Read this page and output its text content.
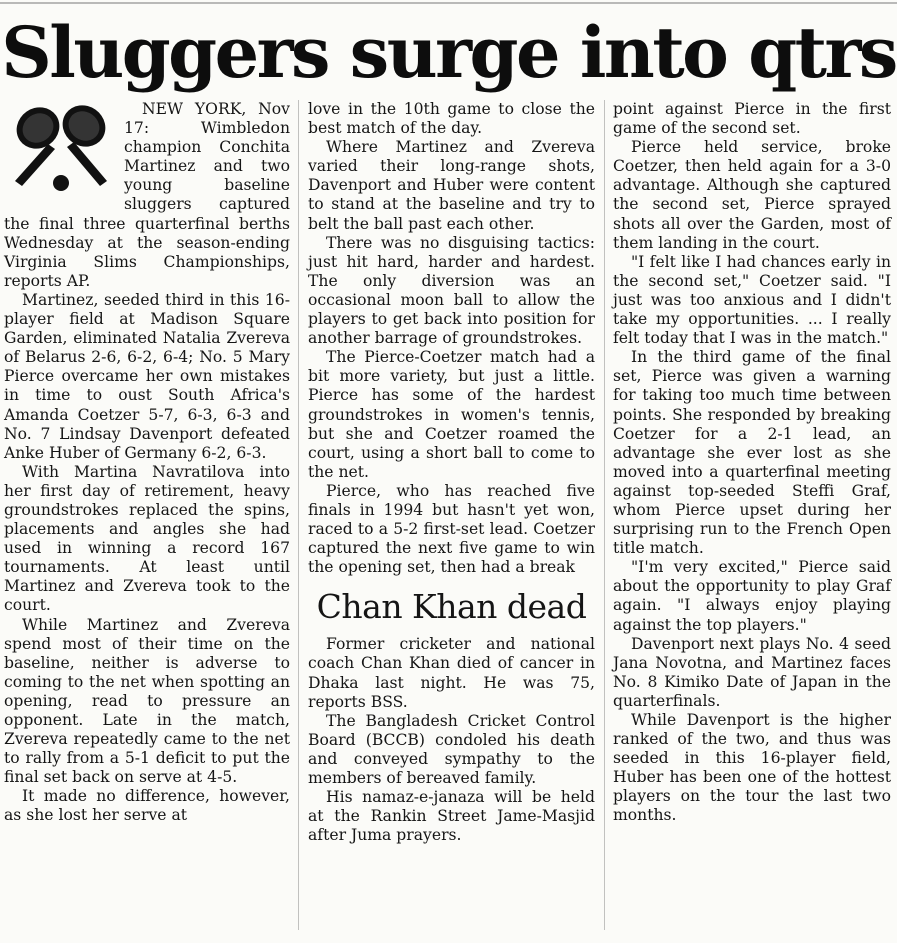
Sluggers surge into qtrs

NEW YORK, Nov 17: Wimbledon champion Conchita Martinez and two young baseline sluggers captured the final three quarterfinal berths Wednesday at the season-ending Virginia Slims Championships, reports AP.

Martinez, seeded third in this 16-player field at Madison Square Garden, eliminated Natalia Zvereva of Belarus 2-6, 6-2, 6-4; No. 5 Mary Pierce overcame her own mistakes in time to oust South Africa's Amanda Coetzer 5-7, 6-3, 6-3 and No. 7 Lindsay Davenport defeated Anke Huber of Germany 6-2, 6-3.

With Martina Navratilova into her first day of retirement, heavy groundstrokes replaced the spins, placements and angles she had used in winning a record 167 tournaments. At least until Martinez and Zvereva took to the court.

While Martinez and Zvereva spend most of their time on the baseline, neither is adverse to coming to the net when spotting an opening, read to pressure an opponent. Late in the match, Zvereva repeatedly came to the net to rally from a 5-1 deficit to put the final set back on serve at 4-5.

It made no difference, however, as she lost her serve at

love in the 10th game to close the best match of the day.

Where Martinez and Zvereva varied their long-range shots, Davenport and Huber were content to stand at the baseline and try to belt the ball past each other.

There was no disguising tactics: just hit hard, harder and hardest. The only diversion was an occasional moon ball to allow the players to get back into position for another barrage of groundstrokes.

The Pierce-Coetzer match had a bit more variety, but just a little. Pierce has some of the hardest groundstrokes in women's tennis, but she and Coetzer roamed the court, using a short ball to come to the net.

Pierce, who has reached five finals in 1994 but hasn't yet won, raced to a 5-2 first-set lead. Coetzer captured the next five game to win the opening set, then had a break

Chan Khan dead

Former cricketer and national coach Chan Khan died of cancer in Dhaka last night. He was 75, reports BSS.

The Bangladesh Cricket Control Board (BCCB) condoled his death and conveyed sympathy to the members of bereaved family.

His namaz-e-janaza will be held at the Rankin Street Jame-Masjid after Juma prayers.

point against Pierce in the first game of the second set.

Pierce held service, broke Coetzer, then held again for a 3-0 advantage. Although she captured the second set, Pierce sprayed shots all over the Garden, most of them landing in the court.

"I felt like I had chances early in the second set," Coetzer said. "I just was too anxious and I didn't take my opportunities. ... I really felt today that I was in the match."

In the third game of the final set, Pierce was given a warning for taking too much time between points. She responded by breaking Coetzer for a 2-1 lead, an advantage she ever lost as she moved into a quarterfinal meeting against top-seeded Steffi Graf, whom Pierce upset during her surprising run to the French Open title match.

"I'm very excited," Pierce said about the opportunity to play Graf again. "I always enjoy playing against the top players."

Davenport next plays No. 4 seed Jana Novotna, and Martinez faces No. 8 Kimiko Date of Japan in the quarterfinals.

While Davenport is the higher ranked of the two, and thus was seeded in this 16-player field, Huber has been one of the hottest players on the tour the last two months.
